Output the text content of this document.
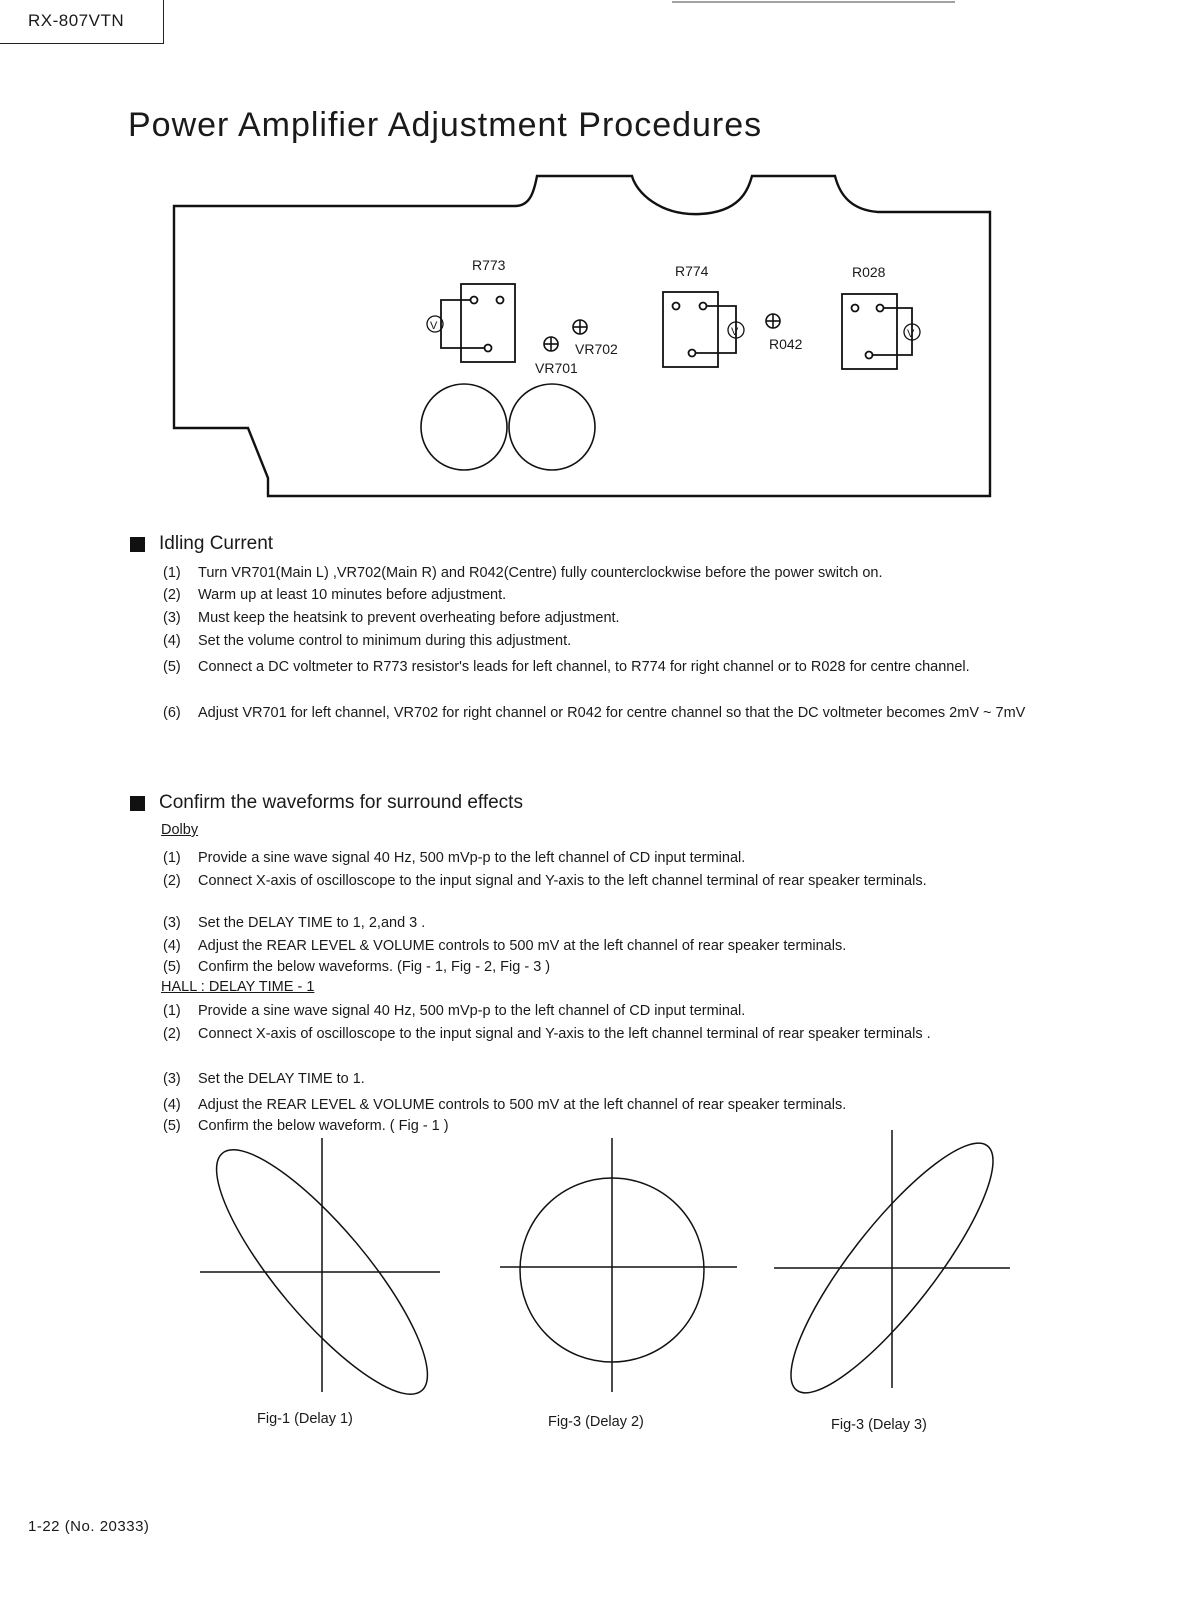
RX-807VTN
Power Amplifier Adjustment Procedures
R773
V
VR702
VR701
R774
V
R042
R028
V
Idling Current
(1)	Turn VR701(Main L) ,VR702(Main R) and R042(Centre) fully counterclockwise before the power switch on.
(2)	Warm up at least 10 minutes before adjustment.
(3)	Must keep the heatsink to prevent overheating before adjustment.
(4)	Set the volume control to minimum during this adjustment.
(5)	Connect a DC voltmeter to R773 resistor's leads for left channel, to R774 for right channel or to R028 for centre channel.
(6)	Adjust VR701 for left channel, VR702 for right channel or R042 for centre channel so that the DC voltmeter becomes 2mV ~ 7mV
Confirm the waveforms for surround effects
Dolby
(1)	Provide a sine wave signal 40 Hz, 500 mVp-p to the left channel of CD input terminal.
(2)	Connect X-axis of oscilloscope to the input signal and Y-axis to the left channel terminal of rear speaker terminals.
(3)	Set the DELAY TIME to 1, 2,and 3 .
(4)	Adjust the REAR LEVEL & VOLUME controls to 500 mV at the left channel of rear speaker terminals.
(5)	Confirm the below waveforms. (Fig - 1, Fig - 2, Fig - 3 )
HALL : DELAY TIME - 1
(1)	Provide a sine wave signal 40 Hz, 500 mVp-p to the left channel of CD input terminal.
(2)	Connect X-axis of oscilloscope to the input signal and Y-axis to the left channel terminal of rear speaker terminals .
(3)	Set the DELAY TIME to 1.
(4)	Adjust the REAR LEVEL & VOLUME controls to 500 mV at the left channel of rear speaker terminals.
(5)	Confirm the below waveform. ( Fig - 1 )
Fig-1 (Delay 1)	Fig-3 (Delay 2)	Fig-3 (Delay 3)
1-22 (No. 20333)
